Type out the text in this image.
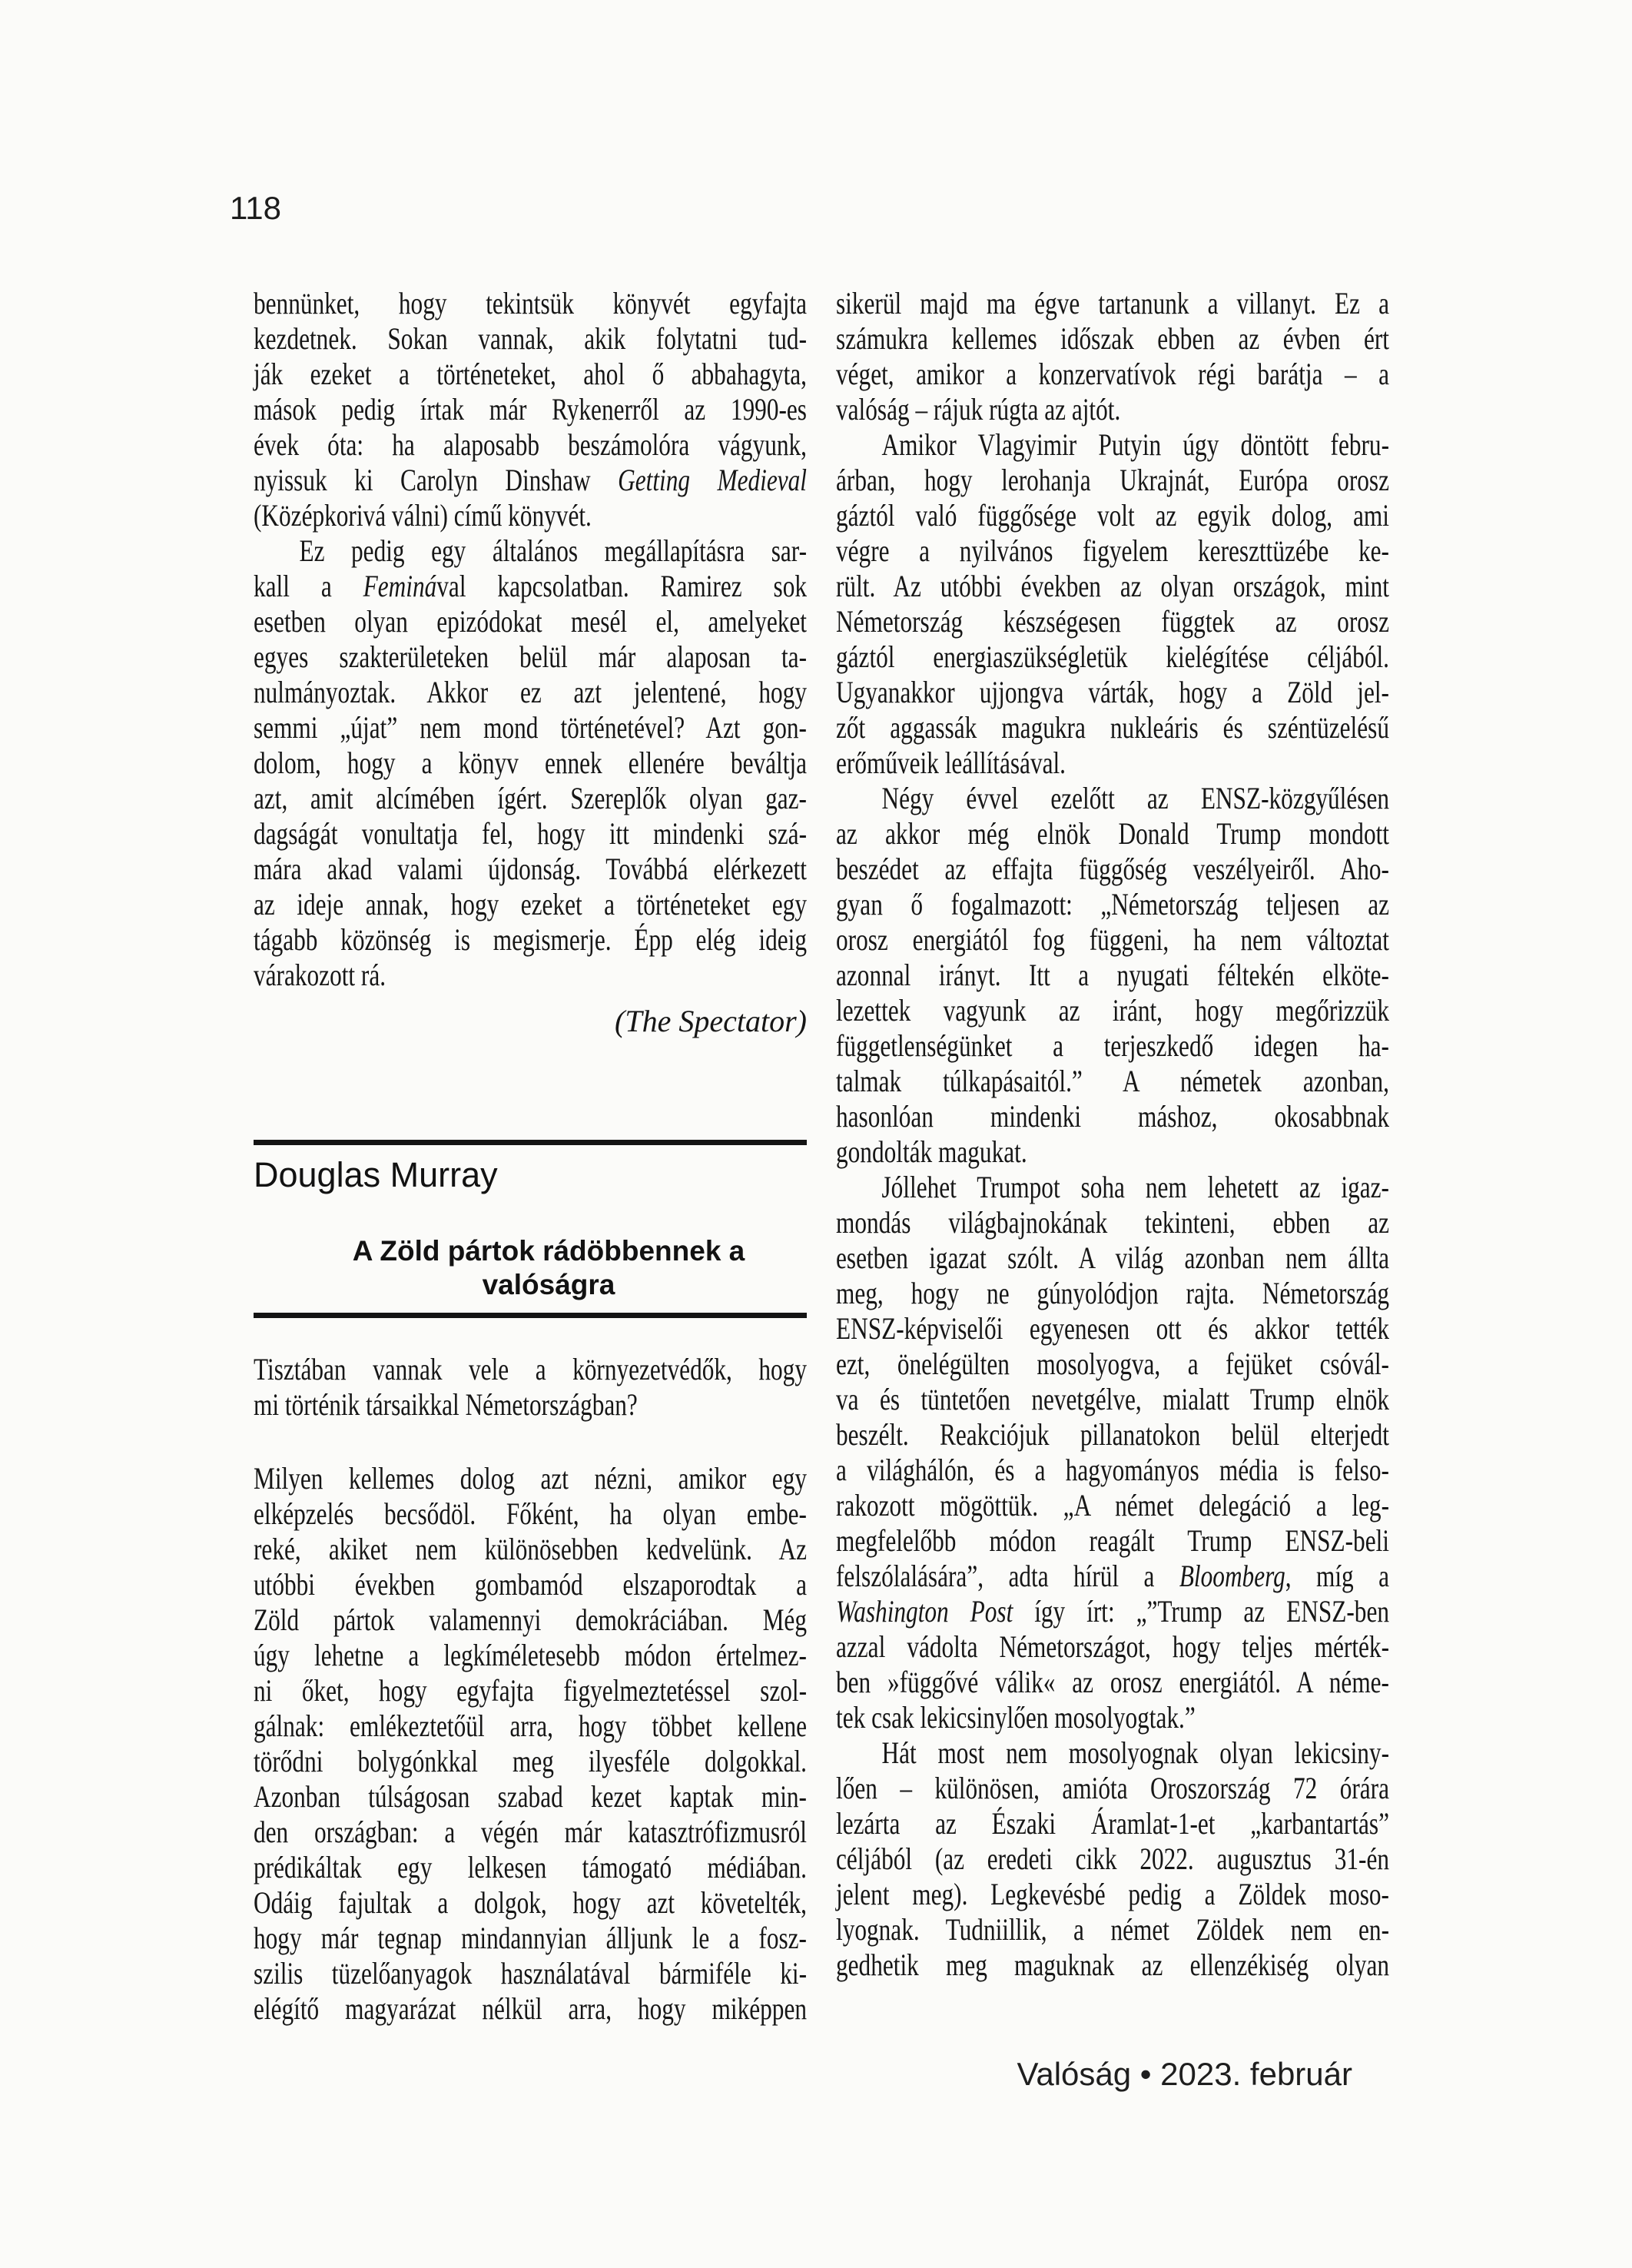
118
bennünket, hogy tekintsük könyvét egyfajta
kezdetnek. Sokan vannak, akik folytatni tud-
ják ezeket a történeteket, ahol ő abbahagyta,
mások pedig írtak már Rykenerről az 1990-es
évek óta: ha alaposabb beszámolóra vágyunk,
nyissuk ki Carolyn Dinshaw Getting Medieval
(Középkorivá válni) című könyvét.
Ez pedig egy általános megállapításra sar-
kall a Feminával kapcsolatban. Ramirez sok
esetben olyan epizódokat mesél el, amelyeket
egyes szakterületeken belül már alaposan ta-
nulmányoztak. Akkor ez azt jelentené, hogy
semmi „újat” nem mond történetével? Azt gon-
dolom, hogy a könyv ennek ellenére beváltja
azt, amit alcímében ígért. Szereplők olyan gaz-
dagságát vonultatja fel, hogy itt mindenki szá-
mára akad valami újdonság. Továbbá elérkezett
az ideje annak, hogy ezeket a történeteket egy
tágabb közönség is megismerje. Épp elég ideig
várakozott rá.
(The Spectator)
Douglas Murray
A Zöld pártok rádöbbennek a valóságra
Tisztában vannak vele a környezetvédők, hogy
mi történik társaikkal Németországban?
Milyen kellemes dolog azt nézni, amikor egy
elképzelés becsődöl. Főként, ha olyan embe-
reké, akiket nem különösebben kedvelünk. Az
utóbbi években gombamód elszaporodtak a
Zöld pártok valamennyi demokráciában. Még
úgy lehetne a legkíméletesebb módon értelmez-
ni őket, hogy egyfajta figyelmeztetéssel szol-
gálnak: emlékeztetőül arra, hogy többet kellene
törődni bolygónkkal meg ilyesféle dolgokkal.
Azonban túlságosan szabad kezet kaptak min-
den országban: a végén már katasztrófizmusról
prédikáltak egy lelkesen támogató médiában.
Odáig fajultak a dolgok, hogy azt követelték,
hogy már tegnap mindannyian álljunk le a fosz-
szilis tüzelőanyagok használatával bármiféle ki-
elégítő magyarázat nélkül arra, hogy miképpen
sikerül majd ma égve tartanunk a villanyt. Ez a
számukra kellemes időszak ebben az évben ért
véget, amikor a konzervatívok régi barátja – a
valóság – rájuk rúgta az ajtót.
Amikor Vlagyimir Putyin úgy döntött febru-
árban, hogy lerohanja Ukrajnát, Európa orosz
gáztól való függősége volt az egyik dolog, ami
végre a nyilvános figyelem kereszttüzébe ke-
rült. Az utóbbi években az olyan országok, mint
Németország készségesen függtek az orosz
gáztól energiaszükségletük kielégítése céljából.
Ugyanakkor ujjongva várták, hogy a Zöld jel-
zőt aggassák magukra nukleáris és széntüzelésű
erőműveik leállításával.
Négy évvel ezelőtt az ENSZ-közgyűlésen
az akkor még elnök Donald Trump mondott
beszédet az effajta függőség veszélyeiről. Aho-
gyan ő fogalmazott: „Németország teljesen az
orosz energiától fog függeni, ha nem változtat
azonnal irányt. Itt a nyugati féltekén elköte-
lezettek vagyunk az iránt, hogy megőrizzük
függetlenségünket a terjeszkedő idegen ha-
talmak túlkapásaitól.” A németek azonban,
hasonlóan mindenki máshoz, okosabbnak
gondolták magukat.
Jóllehet Trumpot soha nem lehetett az igaz-
mondás világbajnokának tekinteni, ebben az
esetben igazat szólt. A világ azonban nem állta
meg, hogy ne gúnyolódjon rajta. Németország
ENSZ-képviselői egyenesen ott és akkor tették
ezt, önelégülten mosolyogva, a fejüket csóvál-
va és tüntetően nevetgélve, mialatt Trump elnök
beszélt. Reakciójuk pillanatokon belül elterjedt
a világhálón, és a hagyományos média is felso-
rakozott mögöttük. „A német delegáció a leg-
megfelelőbb módon reagált Trump ENSZ-beli
felszólalására”, adta hírül a Bloomberg, míg a
Washington Post így írt: „”Trump az ENSZ-ben
azzal vádolta Németországot, hogy teljes mérték-
ben »függővé válik« az orosz energiától. A néme-
tek csak lekicsinylően mosolyogtak.”
Hát most nem mosolyognak olyan lekicsiny-
lően – különösen, amióta Oroszország 72 órára
lezárta az Északi Áramlat-1-et „karbantartás”
céljából (az eredeti cikk 2022. augusztus 31-én
jelent meg). Legkevésbé pedig a Zöldek moso-
lyognak. Tudniillik, a német Zöldek nem en-
gedhetik meg maguknak az ellenzékiség olyan
Valóság • 2023. február
